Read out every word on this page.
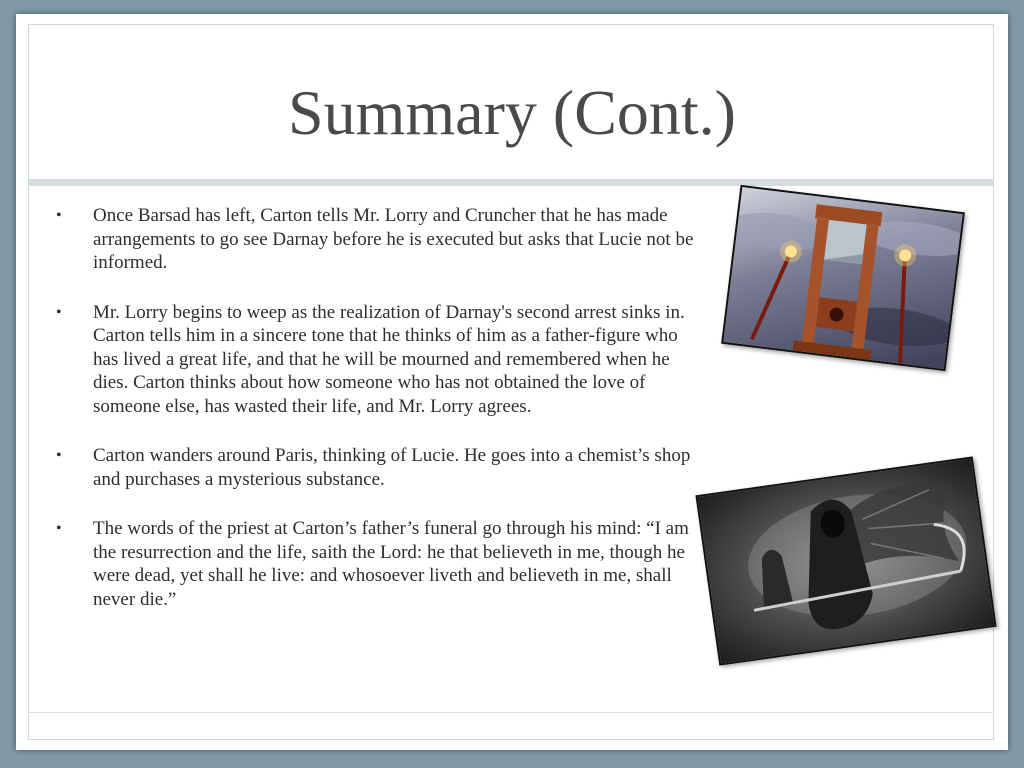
Summary (Cont.)
• Once Barsad has left, Carton tells Mr. Lorry and Cruncher that he has made arrangements to go see Darnay before he is executed but asks that Lucie not be informed.
• Mr. Lorry begins to weep as the realization of Darnay's second arrest sinks in. Carton tells him in a sincere tone that he thinks of him as a father-figure who has lived a great life, and that he will be mourned and remembered when he dies. Carton thinks about how someone who has not obtained the love of someone else, has wasted their life, and Mr. Lorry agrees.
• Carton wanders around Paris, thinking of Lucie. He goes into a chemist’s shop and purchases a mysterious substance.
• The words of the priest at Carton’s father’s funeral go through his mind: “I am the resurrection and the life, saith the Lord: he that believeth in me, though he were dead, yet shall he live: and whosoever liveth and believeth in me, shall never die.”
